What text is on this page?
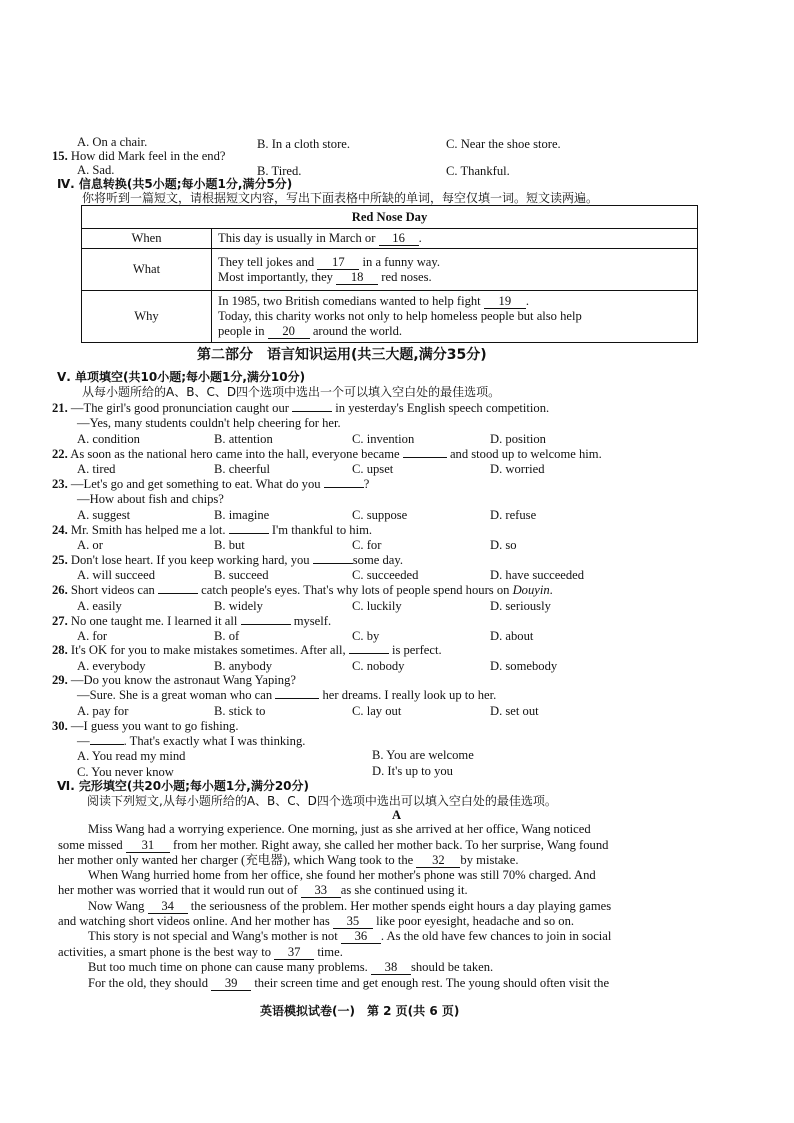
A. On a chair.	B. In a cloth store.	C. Near the shoe store.
15. How did Mark feel in the end?
A. Sad.	B. Tired.	C. Thankful.
Ⅳ. 信息转换(共5小题;每小题1分,满分5分)
你将听到一篇短文，请根据短文内容，写出下面表格中所缺的单词，每空仅填一词。短文读两遍。
Red Nose Day	
When	This day is usually in March or 16 .
What	They tell jokes and 17 in a funny way.
Most importantly, they 18 red noses.
Why	In 1985, two British comedians wanted to help fight 19 .
Today, this charity works not only to help homeless people but also help
people in 20 around the world.
第二部分　语言知识运用(共三大题,满分35分)
Ⅴ. 单项填空(共10小题;每小题1分,满分10分)
从每小题所给的A、B、C、D四个选项中选出一个可以填入空白处的最佳选项。
21. —The girl's good pronunciation caught our	in yesterday's English speech competition.
—Yes, many students couldn't help cheering for her.
A. condition	B. attention	C. invention	D. position
22. As soon as the national hero came into the hall, everyone became	and stood up to welcome him.
A. tired	B. cheerful	C. upset	D. worried
23. —Let's go and get something to eat. What do you	?
—How about fish and chips?
A. suggest	B. imagine	C. suppose	D. refuse
24. Mr. Smith has helped me a lot.	I'm thankful to him.
A. or	B. but	C. for	D. so
25. Don't lose heart. If you keep working hard, you	some day.
A. will succeed	B. succeed	C. succeeded	D. have succeeded
26. Short videos can	catch people's eyes. That's why lots of people spend hours on Douyin.
A. easily	B. widely	C. luckily	D. seriously
27. No one taught me. I learned it all	myself.
A. for	B. of	C. by	D. about
28. It's OK for you to make mistakes sometimes. After all,	is perfect.
A. everybody	B. anybody	C. nobody	D. somebody
29. —Do you know the astronaut Wang Yaping?
—Sure. She is a great woman who can	her dreams. I really look up to her.
A. pay for	B. stick to	C. lay out	D. set out
30. —I guess you want to go fishing.
—	. That's exactly what I was thinking.
A. You read my mind	B. You are welcome
C. You never know	D. It's up to you
Ⅵ. 完形填空(共20小题;每小题1分,满分20分)
阅读下列短文,从每小题所给的A、B、C、D四个选项中选出可以填入空白处的最佳选项。
A
Miss Wang had a worrying experience. One morning, just as she arrived at her office, Wang noticed
some missed 31 from her mother. Right away, she called her mother back. To her surprise, Wang found
her mother only wanted her charger (充电器), which Wang took to the 32 by mistake.
When Wang hurried home from her office, she found her mother's phone was still 70% charged. And
her mother was worried that it would run out of 33 as she continued using it.
Now Wang 34 the seriousness of the problem. Her mother spends eight hours a day playing games
and watching short videos online. And her mother has 35 like poor eyesight, headache and so on.
This story is not special and Wang's mother is not 36 . As the old have few chances to join in social
activities, a smart phone is the best way to 37 time.
But too much time on phone can cause many problems. 38 should be taken.
For the old, they should 39 their screen time and get enough rest. The young should often visit the
英语模拟试卷(一)　第 2 页(共 6 页)
